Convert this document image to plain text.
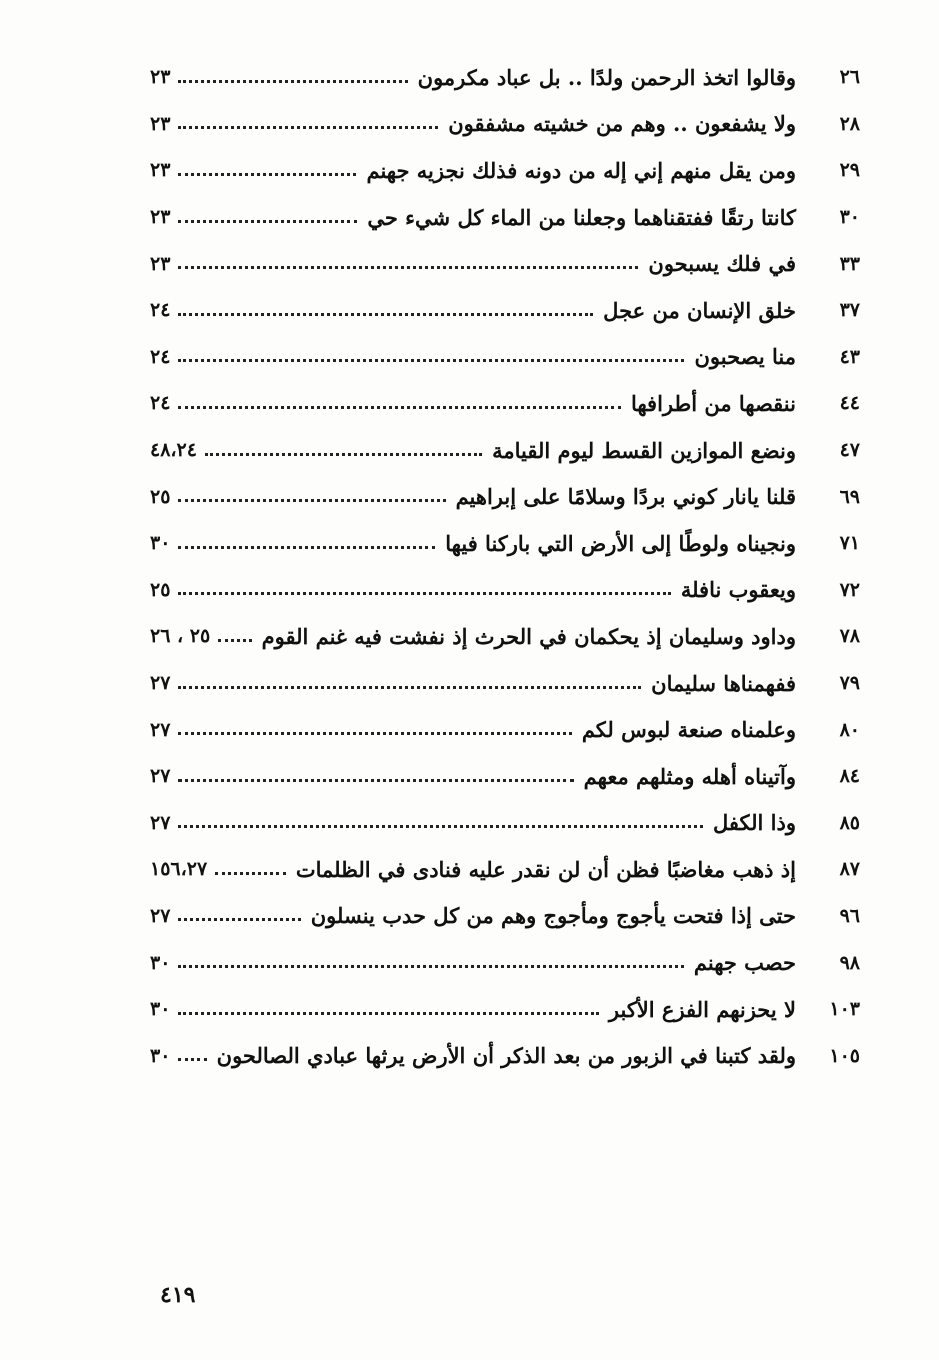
٢٦
وقالوا اتخذ الرحمن ولدًا .. بل عباد مكرمون
٢٣
٢٨
ولا يشفعون .. وهم من خشيته مشفقون
٢٣
٢٩
ومن يقل منهم إني إله من دونه فذلك نجزيه جهنم
٢٣
٣٠
كانتا رتقًا ففتقناهما وجعلنا من الماء كل شيء حي
٢٣
٣٣
في فلك يسبحون
٢٣
٣٧
خلق الإنسان من عجل
٢٤
٤٣
منا يصحبون
٢٤
٤٤
ننقصها من أطرافها
٢٤
٤٧
ونضع الموازين القسط ليوم القيامة
٤٨،٢٤
٦٩
قلنا يانار كوني بردًا وسلامًا على إبراهيم
٢٥
٧١
ونجيناه ولوطًا إلى الأرض التي باركنا فيها
٣٠
٧٢
ويعقوب نافلة
٢٥
٧٨
وداود وسليمان إذ يحكمان في الحرث إذ نفشت فيه غنم القوم
٢٥ ، ٢٦
٧٩
ففهمناها سليمان
٢٧
٨٠
وعلمناه صنعة لبوس لكم
٢٧
٨٤
وآتيناه أهله ومثلهم معهم
٢٧
٨٥
وذا الكفل
٢٧
٨٧
إذ ذهب مغاضبًا فظن أن لن نقدر عليه فنادى في الظلمات
١٥٦،٢٧
٩٦
حتى إذا فتحت يأجوج ومأجوج وهم من كل حدب ينسلون
٢٧
٩٨
حصب جهنم
٣٠
١٠٣
لا يحزنهم الفزع الأكبر
٣٠
١٠٥
ولقد كتبنا في الزبور من بعد الذكر أن الأرض يرثها عبادي الصالحون
٣٠
٤١٩
